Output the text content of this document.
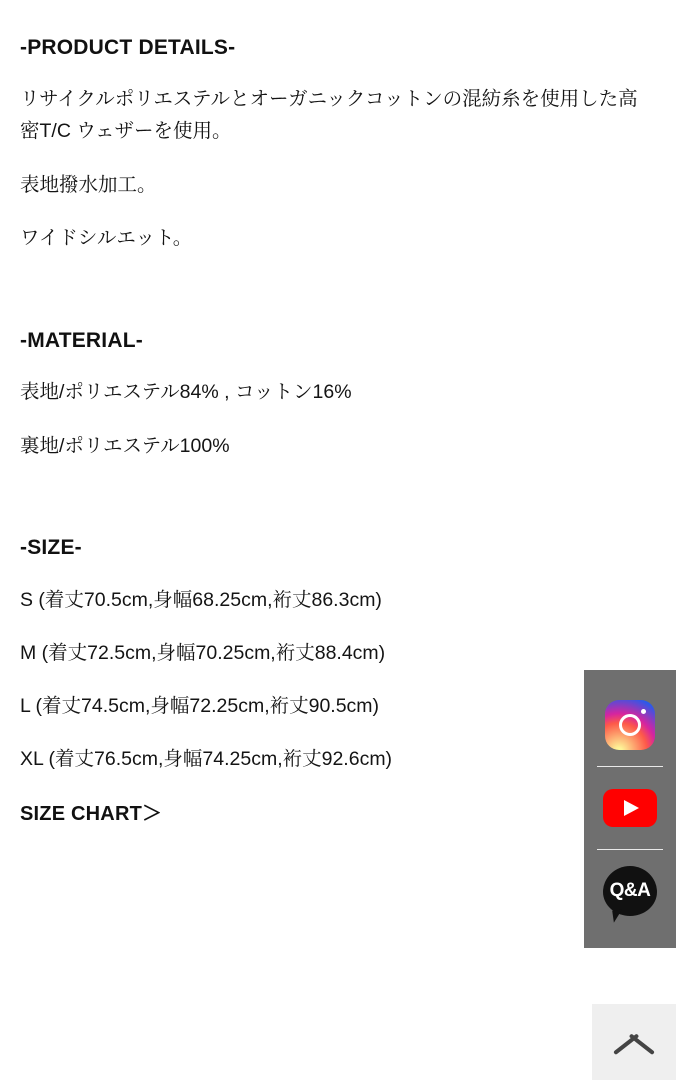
-PRODUCT DETAILS-

リサイクルポリエステルとオーガニックコットンの混紡糸を使用した高密T/C ウェザーを使用。

表地撥水加工。

ワイドシルエット。

-MATERIAL-

表地/ポリエステル84% , コットン16%

裏地/ポリエステル100%

-SIZE-

S (着丈70.5cm,身幅68.25cm,裄丈86.3cm)

M (着丈72.5cm,身幅70.25cm,裄丈88.4cm)

L (着丈74.5cm,身幅72.25cm,裄丈90.5cm)

XL (着丈76.5cm,身幅74.25cm,裄丈92.6cm)

SIZE CHART＞
Q&A
